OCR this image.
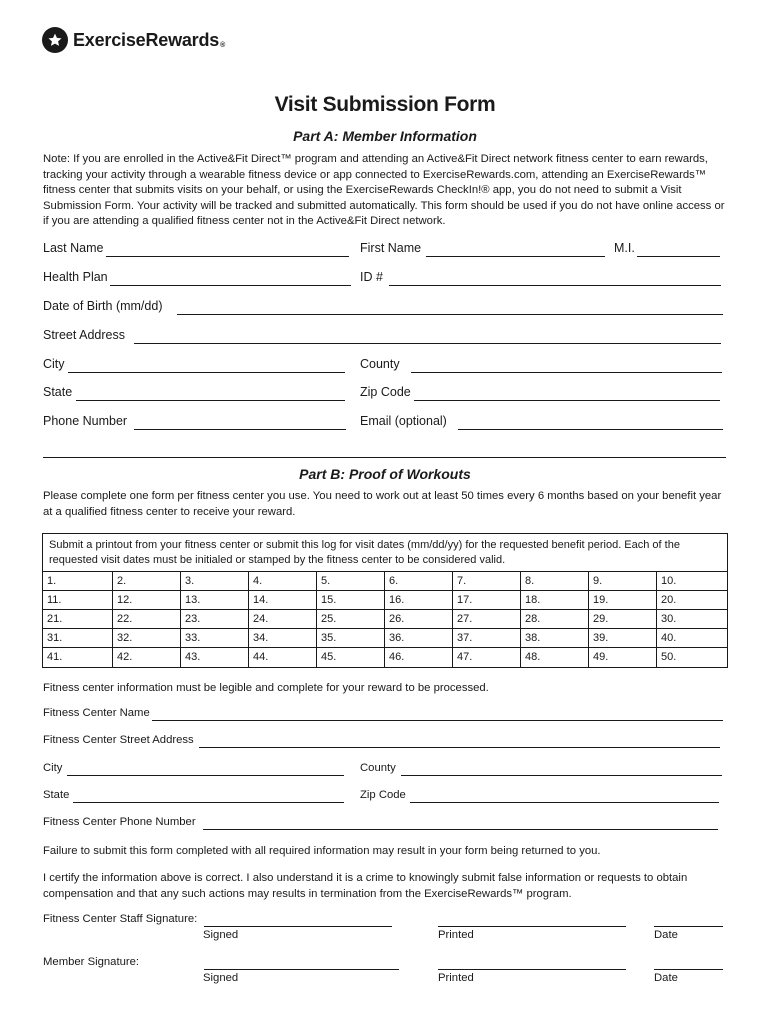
ExerciseRewards®
Visit Submission Form
Part A: Member Information
Note: If you are enrolled in the Active&Fit Direct™ program and attending an Active&Fit Direct network fitness center to earn rewards, tracking your activity through a wearable fitness device or app connected to ExerciseRewards.com, attending an ExerciseRewards™ fitness center that submits visits on your behalf, or using the ExerciseRewards CheckIn!® app, you do not need to submit a Visit Submission Form. Your activity will be tracked and submitted automatically. This form should be used if you do not have online access or if you are attending a qualified fitness center not in the Active&Fit Direct network.
Last Name	First Name	M.I.
Health Plan	ID #
Date of Birth (mm/dd)
Street Address
City	County
State	Zip Code
Phone Number	Email (optional)
Part B: Proof of Workouts
Please complete one form per fitness center you use. You need to work out at least 50 times every 6 months based on your benefit year at a qualified fitness center to receive your reward.
Submit a printout from your fitness center or submit this log for visit dates (mm/dd/yy) for the requested benefit period. Each of the requested visit dates must be initialed or stamped by the fitness center to be considered valid.
1.	2.	3.	4.	5.	6.	7.	8.	9.	10.
11.	12.	13.	14.	15.	16.	17.	18.	19.	20.
21.	22.	23.	24.	25.	26.	27.	28.	29.	30.
31.	32.	33.	34.	35.	36.	37.	38.	39.	40.
41.	42.	43.	44.	45.	46.	47.	48.	49.	50.
Fitness center information must be legible and complete for your reward to be processed.
Fitness Center Name
Fitness Center Street Address
City	County
State	Zip Code
Fitness Center Phone Number
Failure to submit this form completed with all required information may result in your form being returned to you.
I certify the information above is correct. I also understand it is a crime to knowingly submit false information or requests to obtain compensation and that any such actions may results in termination from the ExerciseRewards™ program.
Fitness Center Staff Signature:
Signed	Printed	Date
Member Signature:
Signed	Printed	Date
